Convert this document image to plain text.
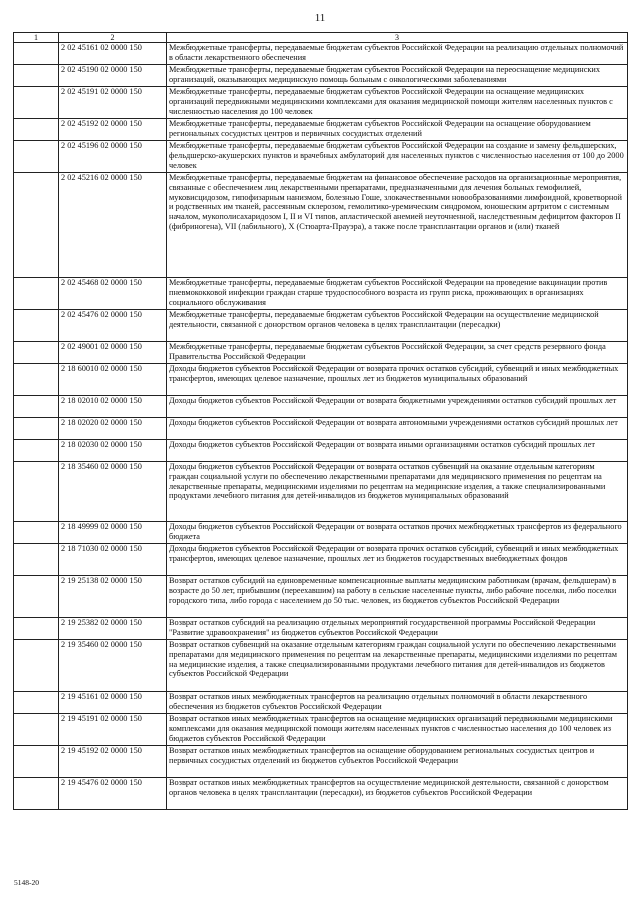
11
1	2	3
	2 02 45161 02 0000 150	Межбюджетные трансферты, передаваемые бюджетам субъектов Российской Федерации на реализацию отдельных полномочий в области лекарственного обеспечения
	2 02 45190 02 0000 150	Межбюджетные трансферты, передаваемые бюджетам субъектов Российской Федерации на переоснащение медицинских организаций, оказывающих медицинскую помощь больным с онкологическими заболеваниями
	2 02 45191 02 0000 150	Межбюджетные трансферты, передаваемые бюджетам субъектов Российской Федерации на оснащение медицинских организаций передвижными медицинскими комплексами для оказания медицинской помощи жителям населенных пунктов с численностью населения до 100 человек
	2 02 45192 02 0000 150	Межбюджетные трансферты, передаваемые бюджетам субъектов Российской Федерации на оснащение оборудованием региональных сосудистых центров и первичных сосудистых отделений
	2 02 45196 02 0000 150	Межбюджетные трансферты, передаваемые бюджетам субъектов Российской Федерации на создание и замену фельдшерских, фельдшерско-акушерских пунктов и врачебных амбулаторий для населенных пунктов с численностью населения от 100 до 2000 человек
	2 02 45216 02 0000 150	Межбюджетные трансферты, передаваемые бюджетам на финансовое обеспечение расходов на организационные мероприятия, связанные с обеспечением лиц лекарственными препаратами, предназначенными для лечения больных гемофилией, муковисцидозом, гипофизарным нанизмом, болезнью Гоше, злокачественными новообразованиями лимфоидной, кроветворной и родственных им тканей, рассеянным склерозом, гемолитико-уремическим синдромом, юношеским артритом с системным началом, мукополисахаридозом I, II и VI типов, апластической анемией неуточненной, наследственным дефицитом факторов II (фибриногена), VII (лабильного), X (Стюарта-Прауэра), а также после трансплантации органов и (или) тканей
	2 02 45468 02 0000 150	Межбюджетные трансферты, передаваемые бюджетам субъектов Российской Федерации на проведение вакцинации против пневмококковой инфекции граждан старше трудоспособного возраста из групп риска, проживающих в организациях социального обслуживания
	2 02 45476 02 0000 150	Межбюджетные трансферты, передаваемые бюджетам субъектов Российской Федерации на осуществление медицинской деятельности, связанной с донорством органов человека в целях трансплантации (пересадки)
	2 02 49001 02 0000 150	Межбюджетные трансферты, передаваемые бюджетам субъектов Российской Федерации, за счет средств резервного фонда Правительства Российской Федерации
	2 18 60010 02 0000 150	Доходы бюджетов субъектов Российской Федерации от возврата прочих остатков субсидий, субвенций и иных межбюджетных трансфертов, имеющих целевое назначение, прошлых лет из бюджетов муниципальных образований
	2 18 02010 02 0000 150	Доходы бюджетов субъектов Российской Федерации от возврата бюджетными учреждениями остатков субсидий прошлых лет
	2 18 02020 02 0000 150	Доходы бюджетов субъектов Российской Федерации от возврата автономными учреждениями остатков субсидий прошлых лет
	2 18 02030 02 0000 150	Доходы бюджетов субъектов Российской Федерации от возврата иными организациями остатков субсидий прошлых лет
	2 18 35460 02 0000 150	Доходы бюджетов субъектов Российской Федерации от возврата остатков субвенций на оказание отдельным категориям граждан социальной услуги по обеспечению лекарственными препаратами для медицинского применения по рецептам на лекарственные препараты, медицинскими изделиями по рецептам на медицинские изделия, а также специализированными продуктами лечебного питания для детей-инвалидов из бюджетов муниципальных образований
	2 18 49999 02 0000 150	Доходы бюджетов субъектов Российской Федерации от возврата остатков прочих межбюджетных трансфертов из федерального бюджета
	2 18 71030 02 0000 150	Доходы бюджетов субъектов Российской Федерации от возврата прочих остатков субсидий, субвенций и иных межбюджетных трансфертов, имеющих целевое назначение, прошлых лет из бюджетов государственных внебюджетных фондов
	2 19 25138 02 0000 150	Возврат остатков субсидий на единовременные компенсационные выплаты медицинским работникам (врачам, фельдшерам) в возрасте до 50 лет, прибывшим (переехавшим) на работу в сельские населенные пункты, либо рабочие поселки, либо поселки городского типа, либо города с населением до 50 тыс. человек, из бюджетов субъектов Российской Федерации
	2 19 25382 02 0000 150	Возврат остатков субсидий на реализацию отдельных мероприятий государственной программы Российской Федерации "Развитие здравоохранения" из бюджетов субъектов Российской Федерации
	2 19 35460 02 0000 150	Возврат остатков субвенций на оказание отдельным категориям граждан социальной услуги по обеспечению лекарственными препаратами для медицинского применения по рецептам на лекарственные препараты, медицинскими изделиями по рецептам на медицинские изделия, а также специализированными продуктами лечебного питания для детей-инвалидов из бюджетов субъектов Российской Федерации
	2 19 45161 02 0000 150	Возврат остатков иных межбюджетных трансфертов на реализацию отдельных полномочий в области лекарственного обеспечения из бюджетов субъектов Российской Федерации
	2 19 45191 02 0000 150	Возврат остатков иных межбюджетных трансфертов на оснащение медицинских организаций передвижными медицинскими комплексами для оказания медицинской помощи жителям населенных пунктов с численностью населения до 100 человек из бюджетов субъектов Российской Федерации
	2 19 45192 02 0000 150	Возврат остатков иных межбюджетных трансфертов на оснащение оборудованием региональных сосудистых центров и первичных сосудистых отделений из бюджетов субъектов Российской Федерации
	2 19 45476 02 0000 150	Возврат остатков иных межбюджетных трансфертов на осуществление медицинской деятельности, связанной с донорством органов человека в целях трансплантации (пересадки), из бюджетов субъектов Российской Федерации
5148-20
